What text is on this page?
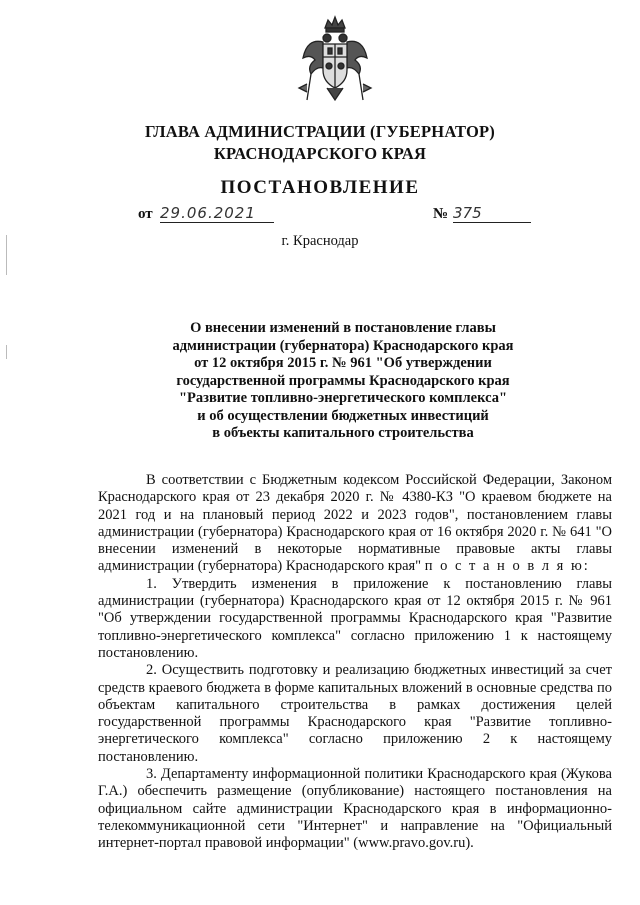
ГЛАВА АДМИНИСТРАЦИИ (ГУБЕРНАТОР)
КРАСНОДАРСКОГО КРАЯ
ПОСТАНОВЛЕНИЕ
от 29.06.2021	№ 375
г. Краснодар
О внесении изменений в постановление главы
администрации (губернатора) Краснодарского края
от 12 октября 2015 г. № 961 "Об утверждении
государственной программы Краснодарского края
"Развитие топливно-энергетического комплекса"
и об осуществлении бюджетных инвестиций
в объекты капитального строительства
В соответствии с Бюджетным кодексом Российской Федерации, Законом Краснодарского края от 23 декабря 2020 г. № 4380-КЗ "О краевом бюджете на 2021 год и на плановый период 2022 и 2023 годов", постановлением главы администрации (губернатора) Краснодарского края от 16 октября 2020 г. № 641 "О внесении изменений в некоторые нормативные правовые акты главы администрации (губернатора) Краснодарского края" п о с т а н о в л я ю:
1. Утвердить изменения в приложение к постановлению главы администрации (губернатора) Краснодарского края от 12 октября 2015 г. № 961 "Об утверждении государственной программы Краснодарского края "Развитие топливно-энергетического комплекса" согласно приложению 1 к настоящему постановлению.
2. Осуществить подготовку и реализацию бюджетных инвестиций за счет средств краевого бюджета в форме капитальных вложений в основные средства по объектам капитального строительства в рамках достижения целей государственной программы Краснодарского края "Развитие топливно-энергетического комплекса" согласно приложению 2 к настоящему постановлению.
3. Департаменту информационной политики Краснодарского края (Жукова Г.А.) обеспечить размещение (опубликование) настоящего постановления на официальном сайте администрации Краснодарского края в информационно-телекоммуникационной сети "Интернет" и направление на "Официальный интернет-портал правовой информации" (www.pravo.gov.ru).
